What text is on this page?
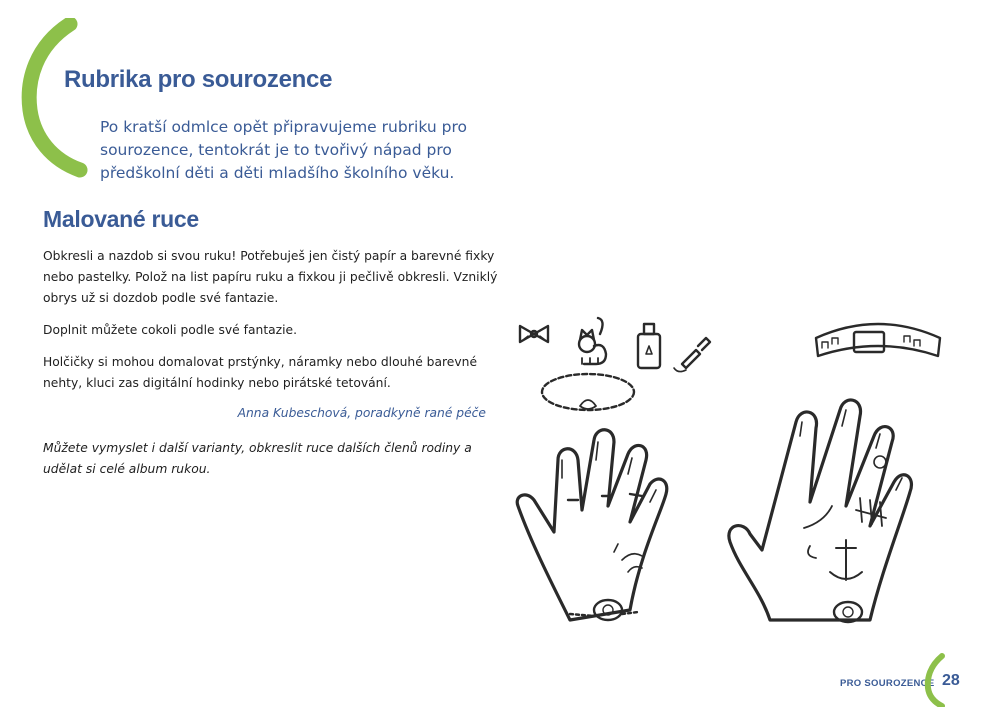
Rubrika pro sourozence

Po kratší odmlce opět připravujeme rubriku pro sourozence, tentokrát je to tvořivý nápad pro předškolní děti a děti mladšího školního věku.

Malované ruce

Obkresli a nazdob si svou ruku! Potřebuješ jen čistý papír a barevné fixky nebo pastelky. Polož na list papíru ruku a fixkou ji pečlivě obkresli. Vzniklý obrys už si dozdob podle své fantazie.

Doplnit můžete cokoli podle své fantazie.

Holčičky si mohou domalovat prstýnky, náramky nebo dlouhé barevné nehty, kluci zas digitální hodinky nebo pirátské tetování.

Anna Kubeschová, poradkyně rané péče

Můžete vymyslet i další varianty, obkreslit ruce dalších členů rodiny a udělat si celé album rukou.

PRO SOUROZENCE 28
